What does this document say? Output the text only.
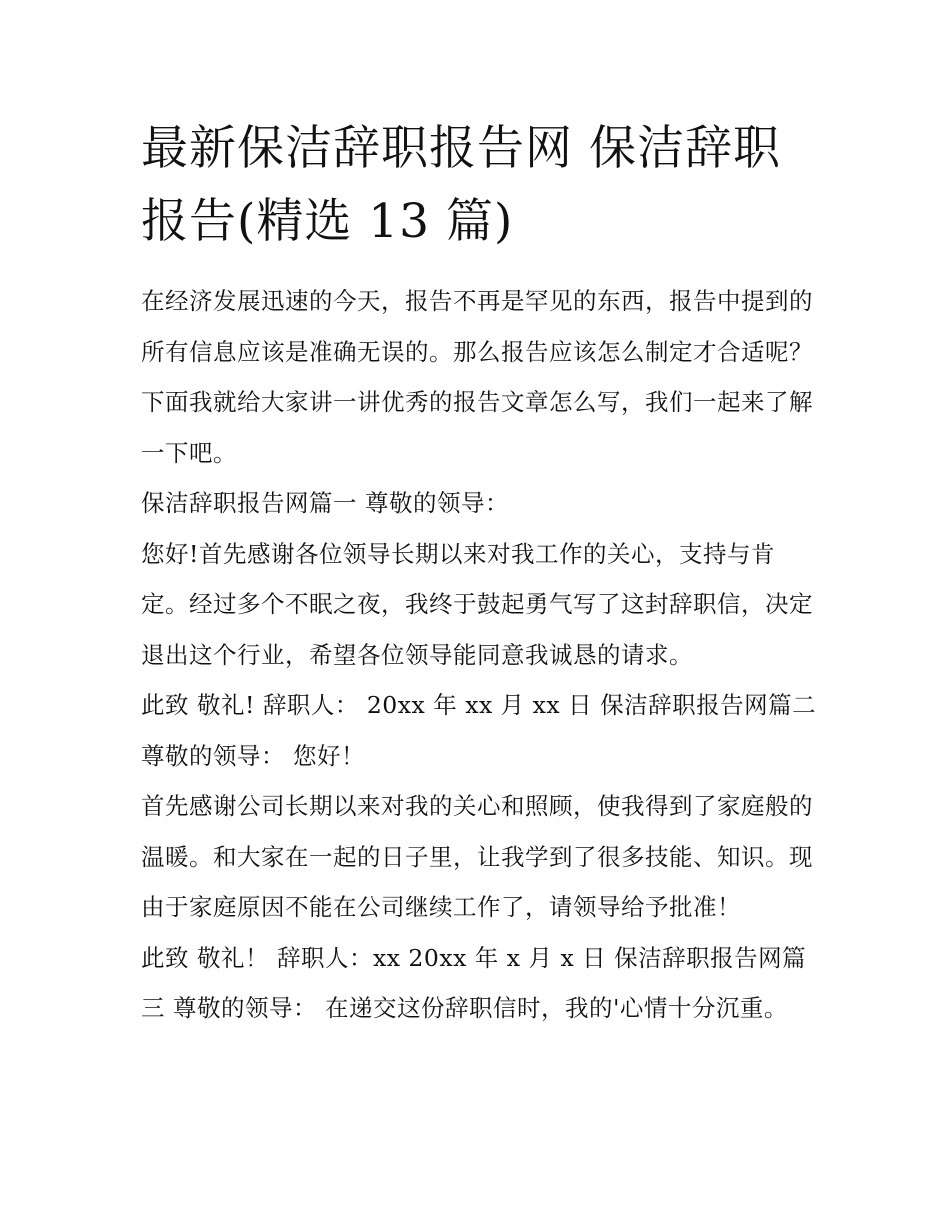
最新保洁辞职报告网 保洁辞职报告(精选 13 篇)

在经济发展迅速的今天，报告不再是罕见的东西，报告中提到的所有信息应该是准确无误的。那么报告应该怎么制定才合适呢？下面我就给大家讲一讲优秀的报告文章怎么写，我们一起来了解一下吧。

保洁辞职报告网篇一 尊敬的领导：

您好!首先感谢各位领导长期以来对我工作的关心，支持与肯定。经过多个不眠之夜，我终于鼓起勇气写了这封辞职信，决定退出这个行业，希望各位领导能同意我诚恳的请求。

此致 敬礼! 辞职人： 20xx 年 xx 月 xx 日 保洁辞职报告网篇二 尊敬的领导： 您好！

首先感谢公司长期以来对我的关心和照顾，使我得到了家庭般的温暖。和大家在一起的日子里，让我学到了很多技能、知识。现由于家庭原因不能在公司继续工作了，请领导给予批准！

此致 敬礼！ 辞职人：xx 20xx 年 x 月 x 日 保洁辞职报告网篇三 尊敬的领导： 在递交这份辞职信时，我的'心情十分沉重。
